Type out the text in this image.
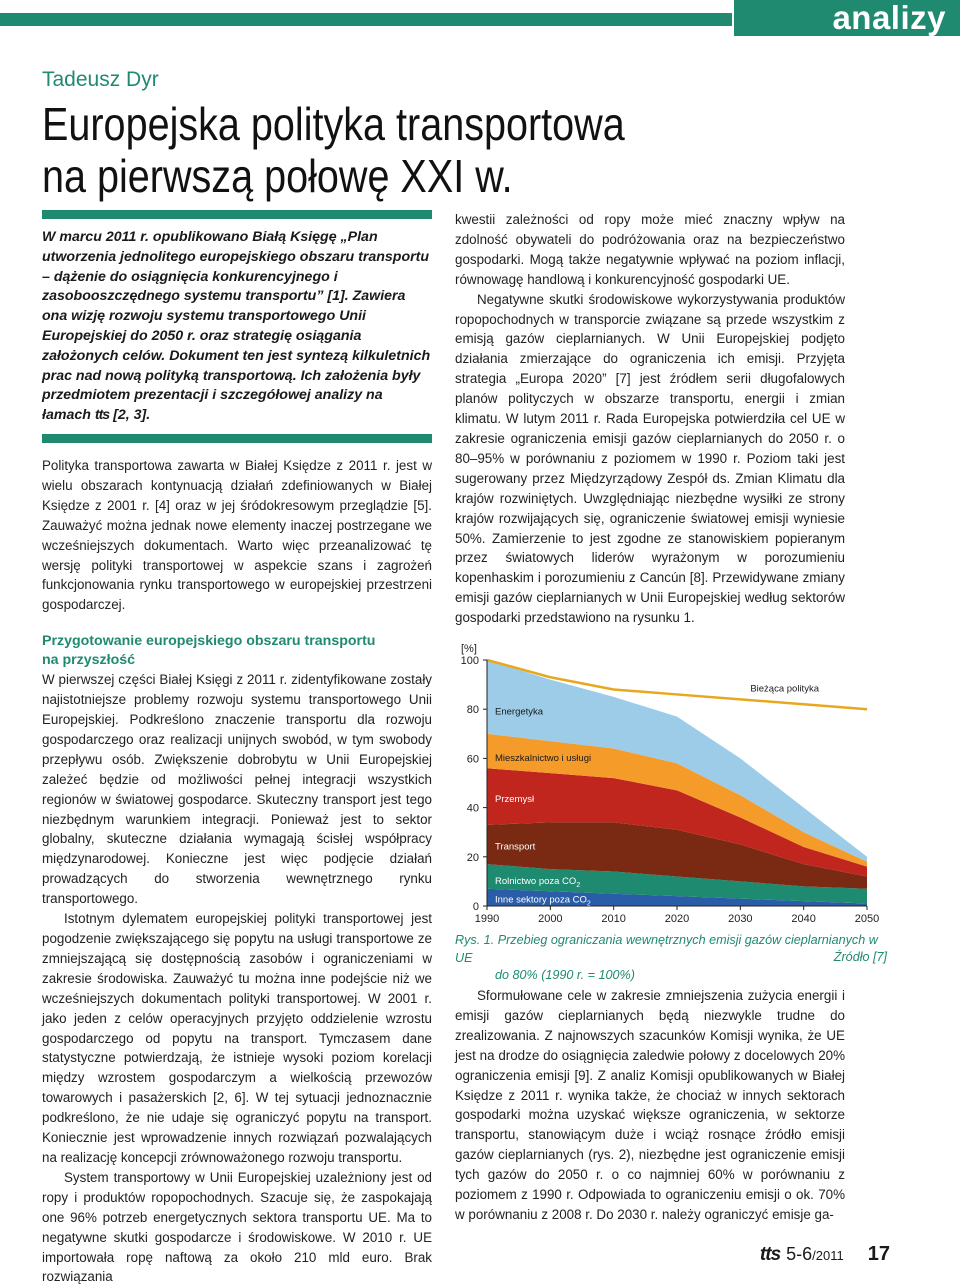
analizy
Tadeusz Dyr
Europejska polityka transportowa
na pierwszą połowę XXI w.

W marcu 2011 r. opublikowano Białą Księgę „Plan utworzenia jednolitego europejskiego obszaru transportu – dążenie do osiągnięcia konkurencyjnego i zasobooszczędnego systemu transportu” [1]. Zawiera ona wizję rozwoju systemu transportowego Unii Europejskiej do 2050 r. oraz strategię osiągania założonych celów. Dokument ten jest syntezą kilkuletnich prac nad nową polityką transportową. Ich założenia były przedmiotem prezentacji i szczegółowej analizy na łamach tts [2, 3].

Polityka transportowa zawarta w Białej Księdze z 2011 r. jest w wielu obszarach kontynuacją działań zdefiniowanych w Białej Księdze z 2001 r. [4] oraz w jej śródokresowym przeglądzie [5]. Zauważyć można jednak nowe elementy inaczej postrzegane we wcześniejszych dokumentach. Warto więc przeanalizować tę wersję polityki transportowej w aspekcie szans i zagrożeń funkcjonowania rynku transportowego w europejskiej przestrzeni gospodarczej.

Przygotowanie europejskiego obszaru transportu
na przyszłość

W pierwszej części Białej Księgi z 2011 r. zidentyfikowane zostały najistotniejsze problemy rozwoju systemu transportowego Unii Europejskiej. Podkreślono znaczenie transportu dla rozwoju gospodarczego oraz realizacji unijnych swobód, w tym swobody przepływu osób. Zwiększenie dobrobytu w Unii Europejskiej zależeć będzie od możliwości pełnej integracji wszystkich regionów w światowej gospodarce. Skuteczny transport jest tego niezbędnym warunkiem integracji. Ponieważ jest to sektor globalny, skuteczne działania wymagają ścisłej współpracy międzynarodowej. Konieczne jest więc podjęcie działań prowadzących do stworzenia wewnętrznego rynku transportowego.

Istotnym dylematem europejskiej polityki transportowej jest pogodzenie zwiększającego się popytu na usługi transportowe ze zmniejszającą się dostępnością zasobów i ograniczeniami w zakresie środowiska. Zauważyć tu można inne podejście niż we wcześniejszych dokumentach polityki transportowej. W 2001 r. jako jeden z celów operacyjnych przyjęto oddzielenie wzrostu gospodarczego od popytu na transport. Tymczasem dane statystyczne potwierdzają, że istnieje wysoki poziom korelacji między wzrostem gospodarczym a wielkością przewozów towarowych i pasażerskich [2, 6]. W tej sytuacji jednoznacznie podkreślono, że nie udaje się ograniczyć popytu na transport. Koniecznie jest wprowadzenie innych rozwiązań pozwalających na realizację koncepcji zrównoważonego rozwoju transportu.

System transportowy w Unii Europejskiej uzależniony jest od ropy i produktów ropopochodnych. Szacuje się, że zaspokajają one 96% potrzeb energetycznych sektora transportu UE. Ma to negatywne skutki gospodarcze i środowiskowe. W 2010 r. UE importowała ropę naftową za około 210 mld euro. Brak rozwiązania

kwestii zależności od ropy może mieć znaczny wpływ na zdolność obywateli do podróżowania oraz na bezpieczeństwo gospodarki. Mogą także negatywnie wpływać na poziom inflacji, równowagę handlową i konkurencyjność gospodarki UE.

Negatywne skutki środowiskowe wykorzystywania produktów ropopochodnych w transporcie związane są przede wszystkim z emisją gazów cieplarnianych. W Unii Europejskiej podjęto działania zmierzające do ograniczenia ich emisji. Przyjęta strategia „Europa 2020” [7] jest źródłem serii długofalowych planów polityczych w obszarze transportu, energii i zmian klimatu. W lutym 2011 r. Rada Europejska potwierdziła cel UE w zakresie ograniczenia emisji gazów cieplarnianych do 2050 r. o 80–95% w porównaniu z poziomem w 1990 r. Poziom taki jest sugerowany przez Międzyrządowy Zespół ds. Zmian Klimatu dla krajów rozwiniętych. Uwzględniając niezbędne wysiłki ze strony krajów rozwijających się, ograniczenie światowej emisji wyniesie 50%. Zamierzenie to jest zgodne ze stanowiskiem popieranym przez światowych liderów wyrażonym w porozumieniu kopenhaskim i porozumieniu z Cancún [8]. Przewidywane zmiany emisji gazów cieplarnianych w Unii Europejskiej według sektorów gospodarki przedstawiono na rysunku 1.

0
20
40
60
80
100
[%]
1990	2000	2010	2020	2030	2040	2050
Inne sektory poza $CO_2$
Rolnictwo poza $CO_2$
Transport
Przemysł
Mieszkalnictwo i usługi
Energetyka
Bieżąca polityka
Rys. 1. Przebieg ograniczania wewnętrznych emisji gazów cieplarnianych w UE
do 80% (1990 r. = 100%)
Źródło [7]

Sformułowane cele w zakresie zmniejszenia zużycia energii i emisji gazów cieplarnianych będą niezwykle trudne do zrealizowania. Z najnowszych szacunków Komisji wynika, że UE jest na drodze do osiągnięcia zaledwie połowy z docelowych 20% ograniczenia emisji [9]. Z analiz Komisji opublikowanych w Białej Księdze z 2011 r. wynika także, że chociaż w innych sektorach gospodarki można uzyskać większe ograniczenia, w sektorze transportu, stanowiącym duże i wciąż rosnące źródło emisji gazów cieplarnianych (rys. 2), niezbędne jest ograniczenie emisji tych gazów do 2050 r. o co najmniej 60% w porównaniu z poziomem z 1990 r. Odpowiada to ograniczeniu emisji o ok. 70% w porównaniu z 2008 r. Do 2030 r. należy ograniczyć emisje ga-

tts 5-6/2011 17
